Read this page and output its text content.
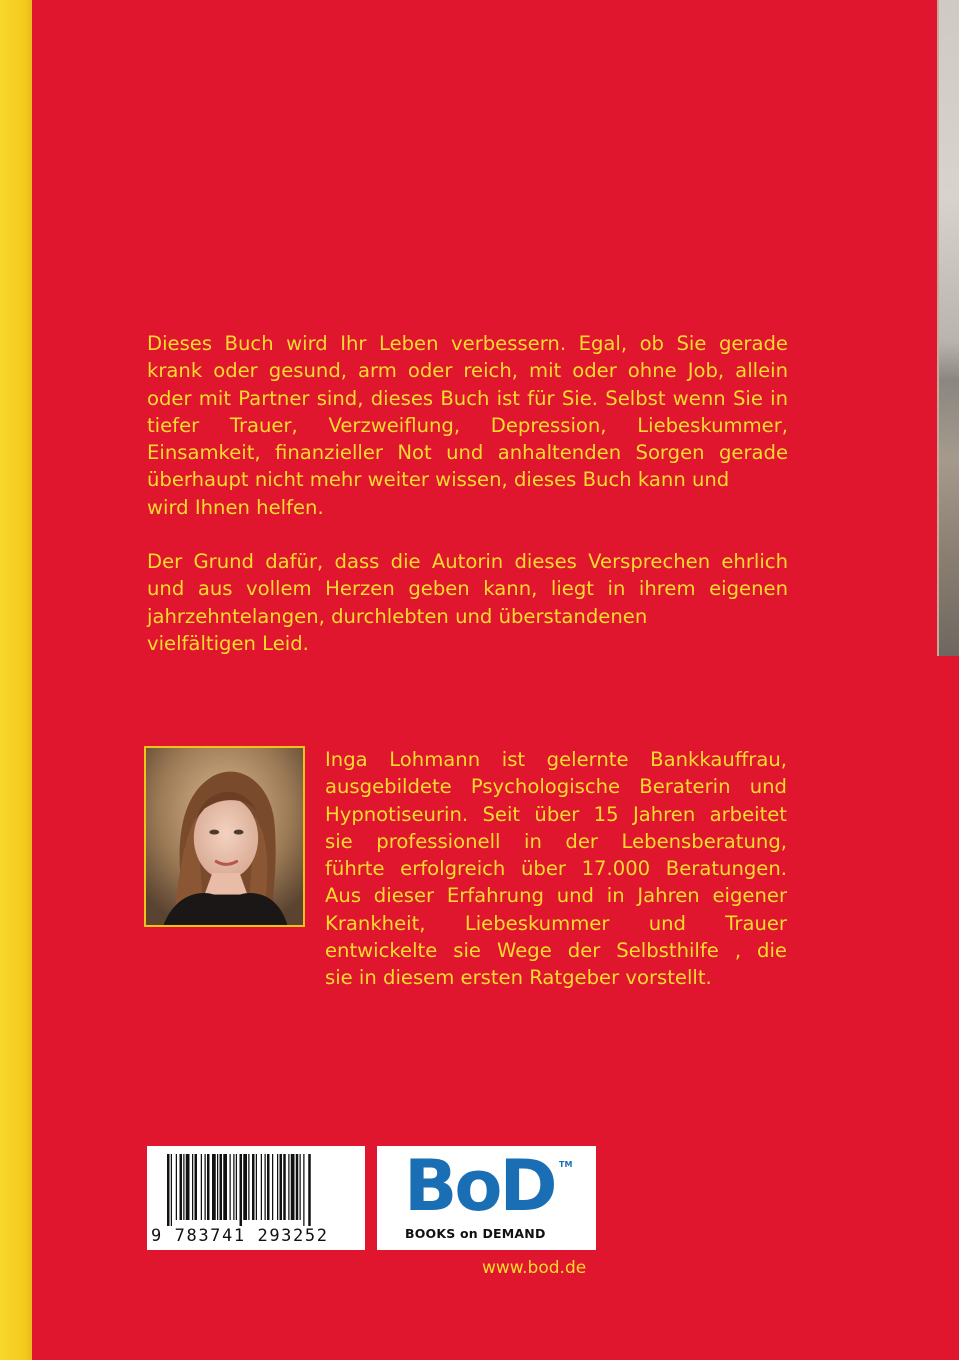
Dieses Buch wird Ihr Leben verbessern. Egal, ob Sie gerade krank oder gesund, arm oder reich, mit oder ohne Job, allein oder mit Partner sind, dieses Buch ist für Sie. Selbst wenn Sie in tiefer Trauer, Verzweiflung, Depression, Liebeskummer, Einsamkeit, finanzieller Not und anhaltenden Sorgen gerade überhaupt nicht mehr weiter wissen, dieses Buch kann und
wird Ihnen helfen.

Der Grund dafür, dass die Autorin dieses Versprechen ehrlich und aus vollem Herzen geben kann, liegt in ihrem eigenen jahrzehntelangen, durchlebten und überstandenen
vielfältigen Leid.

Inga Lohmann ist gelernte Bankkauffrau,
ausgebildete Psychologische Beraterin und
Hypnotiseurin. Seit über 15 Jahren arbeitet
sie professionell in der Lebensberatung,
führte erfolgreich über 17.000 Beratungen.
Aus dieser Erfahrung und in Jahren eigener
Krankheit, Liebeskummer und Trauer
entwickelte sie Wege der Selbsthilfe , die
sie in diesem ersten Ratgeber vorstellt.

9 783741 293252
BoD TM
BOOKS on DEMAND
www.bod.de
